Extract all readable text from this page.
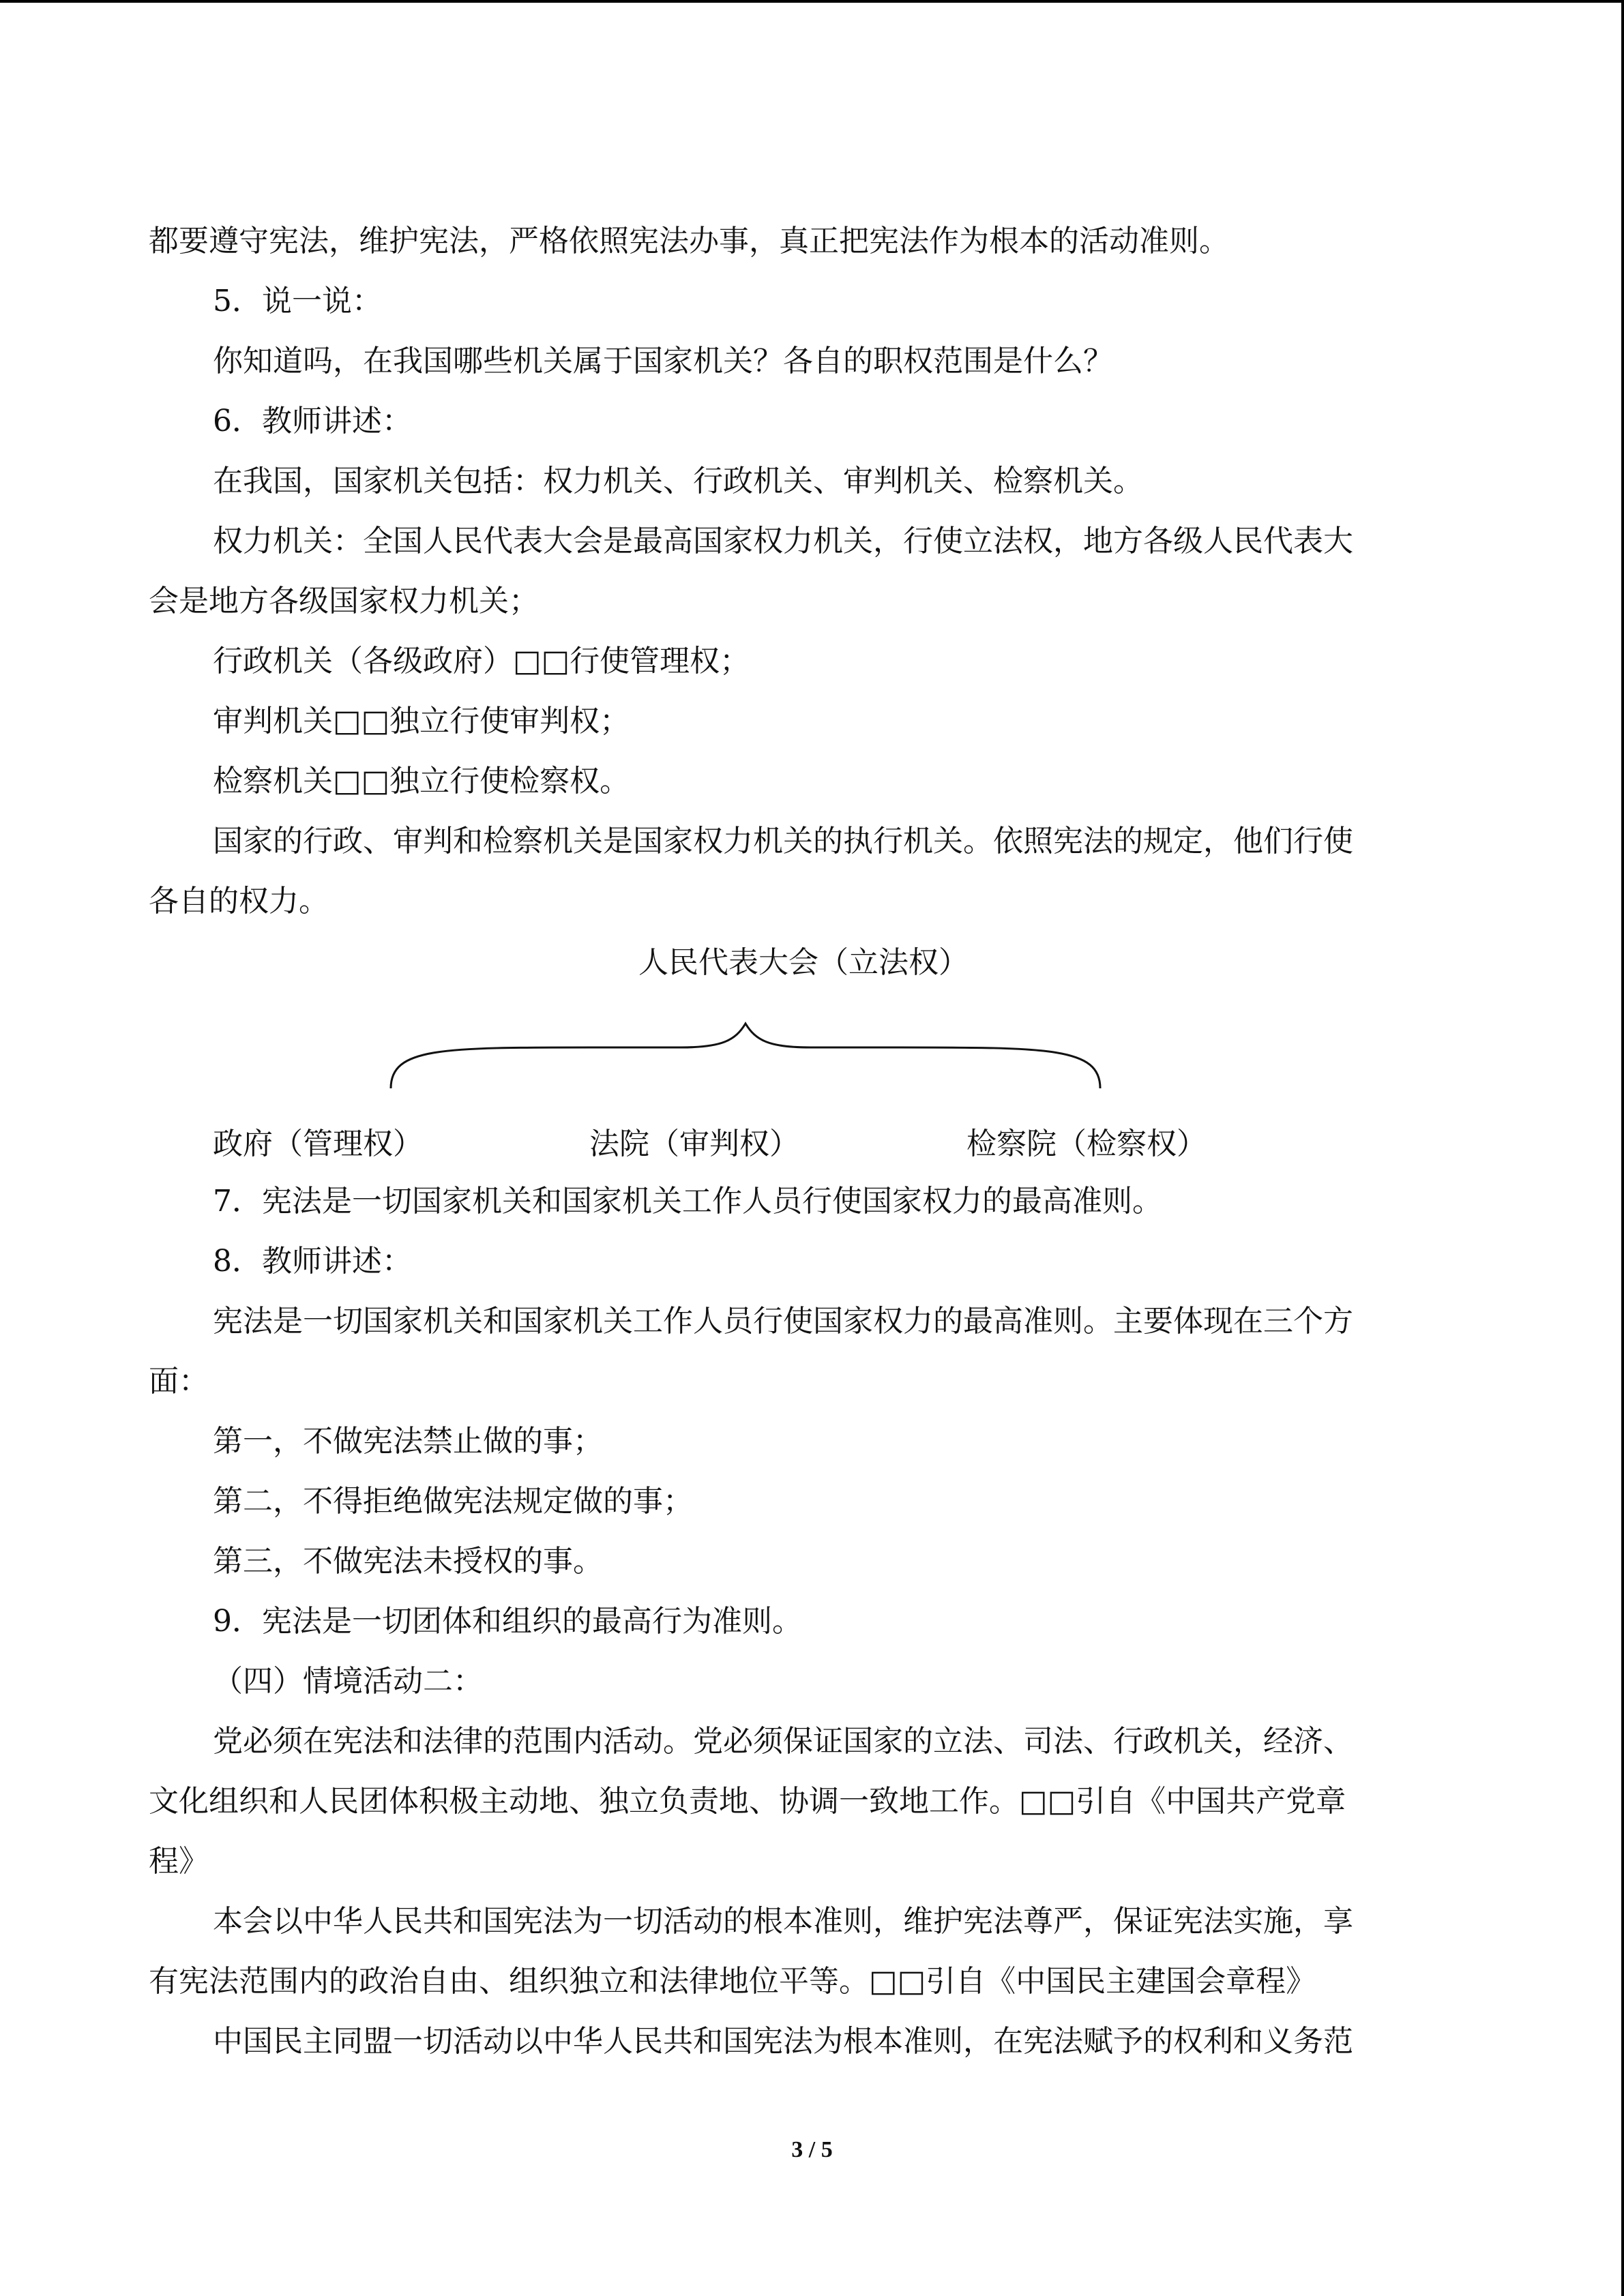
都要遵守宪法，维护宪法，严格依照宪法办事，真正把宪法作为根本的活动准则。

5．说一说：

你知道吗，在我国哪些机关属于国家机关？各自的职权范围是什么？

6．教师讲述：

在我国，国家机关包括：权力机关、行政机关、审判机关、检察机关。

权力机关：全国人民代表大会是最高国家权力机关，行使立法权，地方各级人民代表大

会是地方各级国家权力机关；

行政机关（各级政府）□□行使管理权；

审判机关□□独立行使审判权；

检察机关□□独立行使检察权。

国家的行政、审判和检察机关是国家权力机关的执行机关。依照宪法的规定，他们行使

各自的权力。

人民代表大会（立法权）
政府（管理权）	法院（审判权）	检察院（检察权）

7．宪法是一切国家机关和国家机关工作人员行使国家权力的最高准则。

8．教师讲述：

宪法是一切国家机关和国家机关工作人员行使国家权力的最高准则。主要体现在三个方

面：

第一，不做宪法禁止做的事；

第二，不得拒绝做宪法规定做的事；

第三，不做宪法未授权的事。

9．宪法是一切团体和组织的最高行为准则。

（四）情境活动二：

党必须在宪法和法律的范围内活动。党必须保证国家的立法、司法、行政机关，经济、

文化组织和人民团体积极主动地、独立负责地、协调一致地工作。□□引自《中国共产党章

程》

本会以中华人民共和国宪法为一切活动的根本准则，维护宪法尊严，保证宪法实施，享

有宪法范围内的政治自由、组织独立和法律地位平等。□□引自《中国民主建国会章程》

中国民主同盟一切活动以中华人民共和国宪法为根本准则，在宪法赋予的权利和义务范

3 / 5
